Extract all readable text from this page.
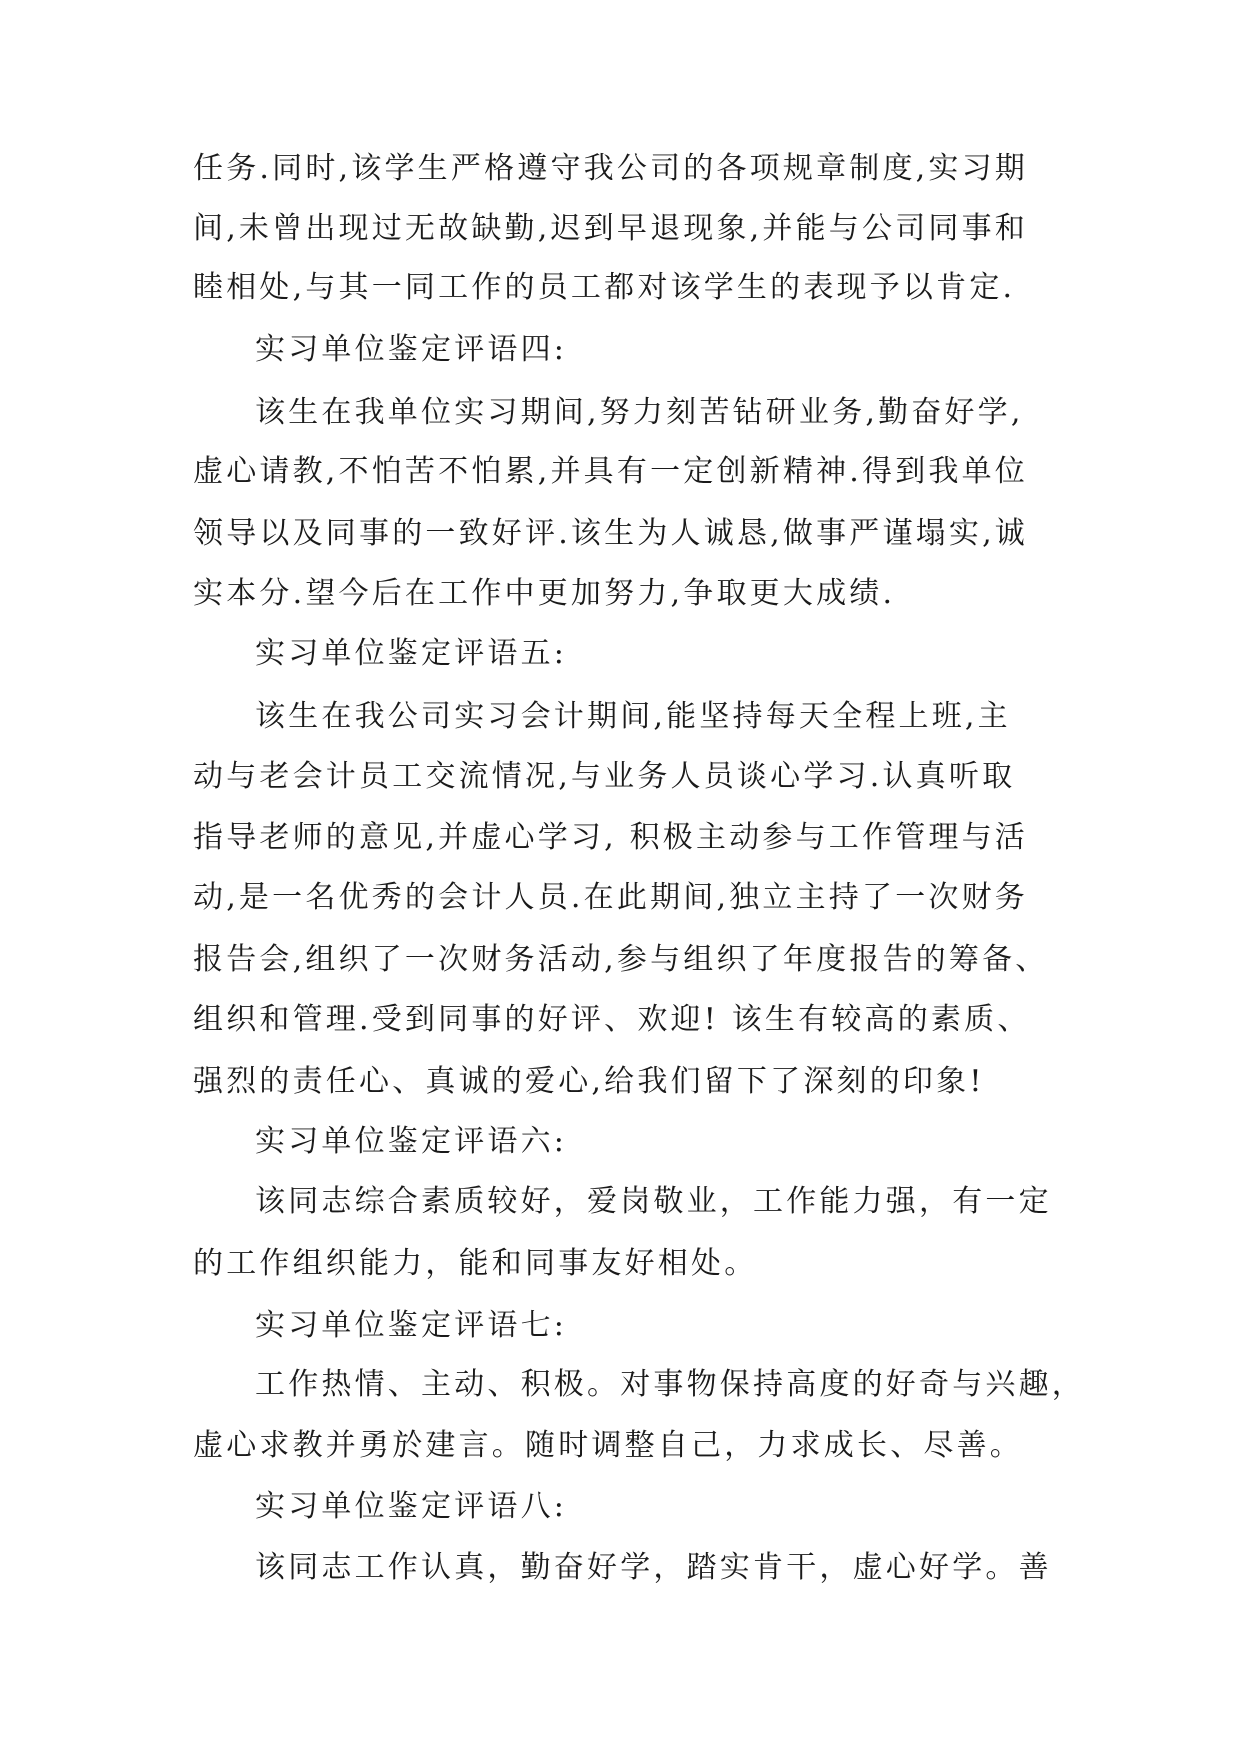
任务.同时,该学生严格遵守我公司的各项规章制度,实习期

间,未曾出现过无故缺勤,迟到早退现象,并能与公司同事和

睦相处,与其一同工作的员工都对该学生的表现予以肯定.

实习单位鉴定评语四:

该生在我单位实习期间,努力刻苦钻研业务,勤奋好学,

虚心请教,不怕苦不怕累,并具有一定创新精神.得到我单位

领导以及同事的一致好评.该生为人诚恳,做事严谨塌实,诚

实本分.望今后在工作中更加努力,争取更大成绩.

实习单位鉴定评语五:

该生在我公司实习会计期间,能坚持每天全程上班,主

动与老会计员工交流情况,与业务人员谈心学习.认真听取

指导老师的意见,并虚心学习, 积极主动参与工作管理与活

动,是一名优秀的会计人员.在此期间,独立主持了一次财务

报告会,组织了一次财务活动,参与组织了年度报告的筹备、

组织和管理.受到同事的好评、欢迎! 该生有较高的素质、

强烈的责任心、真诚的爱心,给我们留下了深刻的印象!

实习单位鉴定评语六:

该同志综合素质较好，爱岗敬业，工作能力强，有一定

的工作组织能力，能和同事友好相处。

实习单位鉴定评语七:

工作热情、主动、积极。对事物保持高度的好奇与兴趣，

虚心求教并勇於建言。随时调整自己，力求成长、尽善。

实习单位鉴定评语八:

该同志工作认真，勤奋好学，踏实肯干，虚心好学。善
